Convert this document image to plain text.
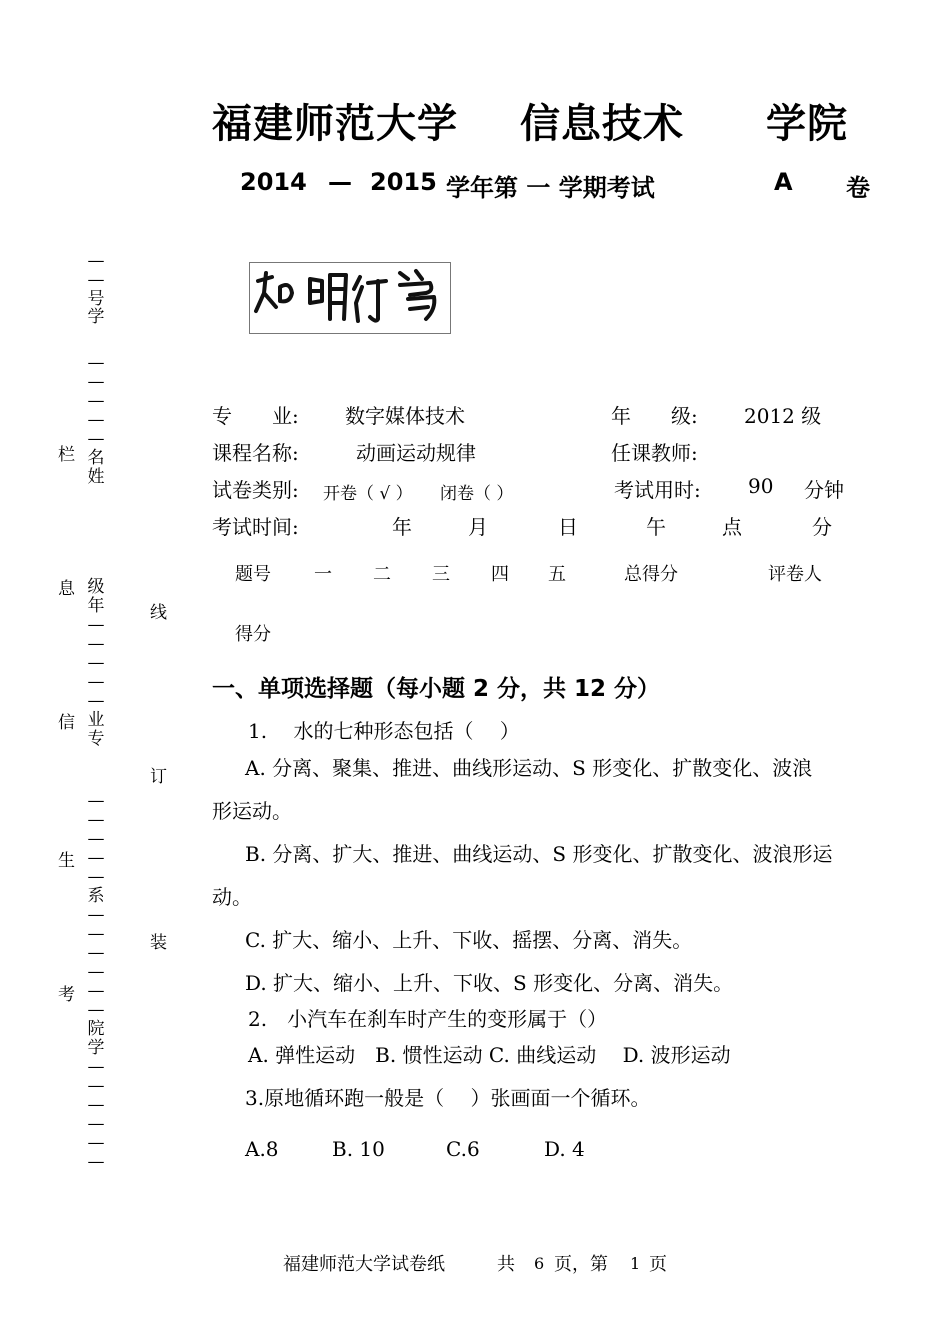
福建师范大学 信息技术 学院
2014 — 2015 学年第 一 学期考试	A 卷
专　　业: 数字媒体技术	年　　级: 2012 级
课程名称:	动画运动规律	任课教师:
试卷类别: 开卷（ √ ） 闭卷（ ）	考试用时: 90 分钟
考试时间:	年	月	日	午	点	分
题号 一 二 三 四 五	总得分	评卷人
得分
一、单项选择题（每小题 2 分，共 12 分）
1.　 水的七种形态包括（　 ）
A. 分离、聚集、推进、曲线形运动、S 形变化、扩散变化、波浪
形运动。
B. 分离、扩大、推进、曲线运动、S 形变化、扩散变化、波浪形运
动。
C. 扩大、缩小、上升、下收、摇摆、分离、消失。
D. 扩大、缩小、上升、下收、S 形变化、分离、消失。
2.　小汽车在刹车时产生的变形属于（）
A. 弹性运动　B. 惯性运动 C. 曲线运动　 D. 波形运动
3.原地循环跑一般是（　 ）张画面一个循环。
A.8	B. 10	C.6	D. 4
—
—
号学
—
—
—
—
—
名姓
级年
—
—
—
—
—
业专
—
—
—
—
—
系
—
—
—
—
—
—
院学
—
—
—
—
—
—
栏
息
信
生
考
线
订
装
福建师范大学试卷纸	共 6 页，第 1 页
